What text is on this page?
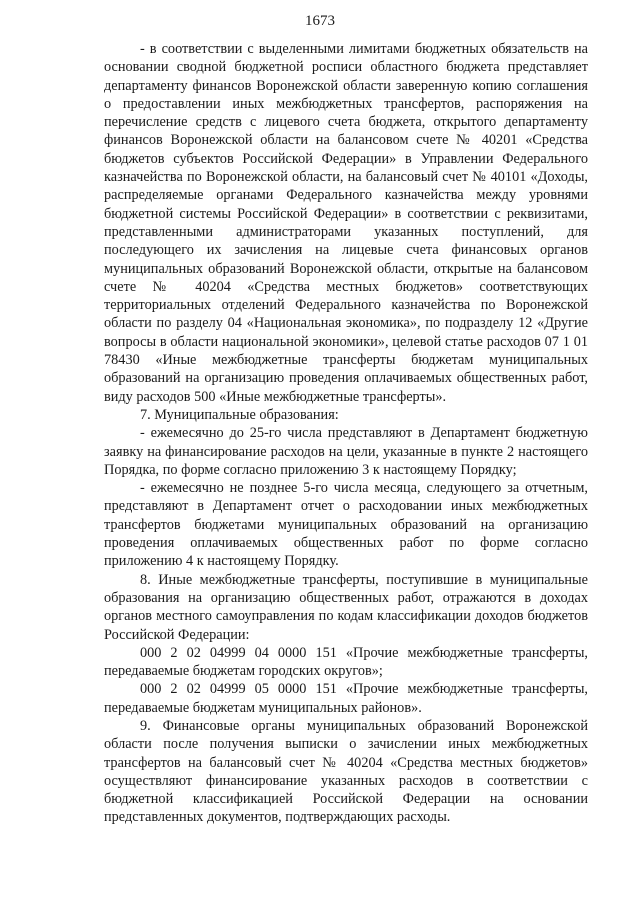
1673

- в соответствии с выделенными лимитами бюджетных обязательств на основании сводной бюджетной росписи областного бюджета представляет департаменту финансов Воронежской области заверенную копию соглашения о предоставлении иных межбюджетных трансфертов, распоряжения на перечисление средств с лицевого счета бюджета, открытого департаменту финансов Воронежской области на балансовом счете № 40201 «Средства бюджетов субъектов Российской Федерации» в Управлении Федерального казначейства по Воронежской области, на балансовый счет № 40101 «Доходы, распределяемые органами Федерального казначейства между уровнями бюджетной системы Российской Федерации» в соответствии с реквизитами, представленными администраторами указанных поступлений, для последующего их зачисления на лицевые счета финансовых органов муниципальных образований Воронежской области, открытые на балансовом счете № 40204 «Средства местных бюджетов» соответствующих территориальных отделений Федерального казначейства по Воронежской области по разделу 04 «Национальная экономика», по подразделу 12 «Другие вопросы в области национальной экономики», целевой статье расходов 07 1 01 78430 «Иные межбюджетные трансферты бюджетам муниципальных образований на организацию проведения оплачиваемых общественных работ, виду расходов 500 «Иные межбюджетные трансферты».

7. Муниципальные образования:

- ежемесячно до 25-го числа представляют в Департамент бюджетную заявку на финансирование расходов на цели, указанные в пункте 2 настоящего Порядка, по форме согласно приложению 3 к настоящему Порядку;

- ежемесячно не позднее 5-го числа месяца, следующего за отчетным, представляют в Департамент отчет о расходовании иных межбюджетных трансфертов бюджетами муниципальных образований на организацию проведения оплачиваемых общественных работ по форме согласно приложению 4 к настоящему Порядку.

8. Иные межбюджетные трансферты, поступившие в муниципальные образования на организацию общественных работ, отражаются в доходах органов местного самоуправления по кодам классификации доходов бюджетов Российской Федерации:

000 2 02 04999 04 0000 151 «Прочие межбюджетные трансферты, передаваемые бюджетам городских округов»;

000 2 02 04999 05 0000 151 «Прочие межбюджетные трансферты, передаваемые бюджетам муниципальных районов».

9. Финансовые органы муниципальных образований Воронежской области после получения выписки о зачислении иных межбюджетных трансфертов на балансовый счет № 40204 «Средства местных бюджетов» осуществляют финансирование указанных расходов в соответствии с бюджетной классификацией Российской Федерации на основании представленных документов, подтверждающих расходы.
